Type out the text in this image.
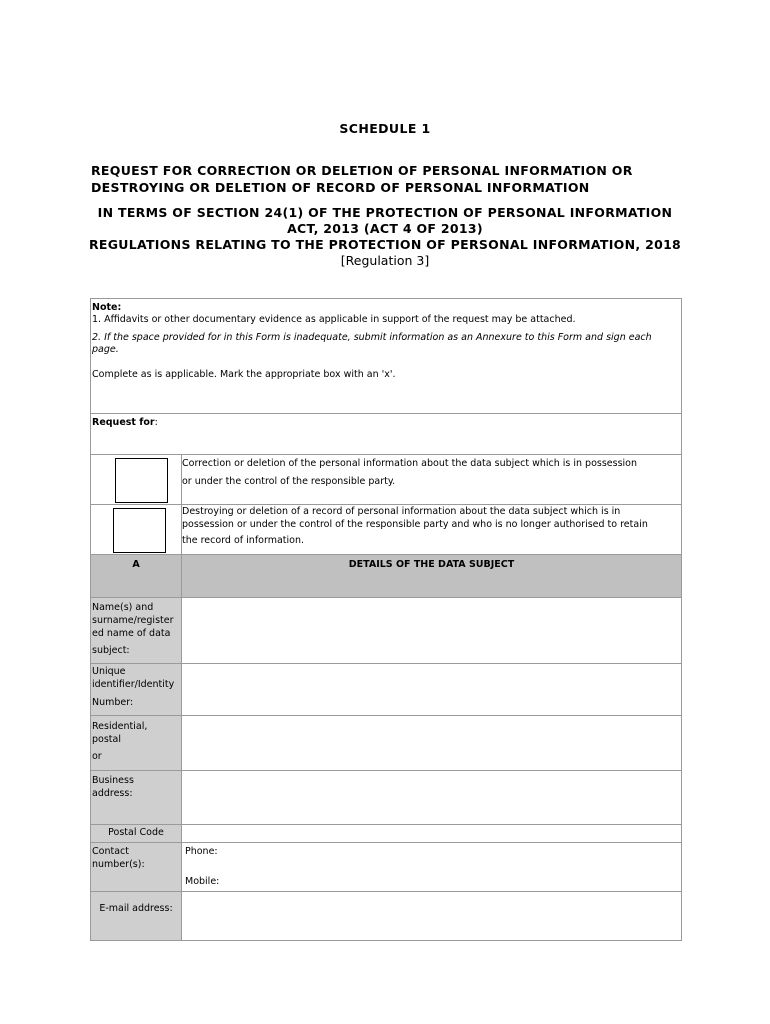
SCHEDULE 1
REQUEST FOR CORRECTION OR DELETION OF PERSONAL INFORMATION OR
DESTROYING OR DELETION OF RECORD OF PERSONAL INFORMATION
IN TERMS OF SECTION 24(1) OF THE PROTECTION OF PERSONAL INFORMATION
ACT, 2013 (ACT 4 OF 2013)
REGULATIONS RELATING TO THE PROTECTION OF PERSONAL INFORMATION, 2018
[Regulation 3]

Note:

1. Affidavits or other documentary evidence as applicable in support of the request may be attached.

2. If the space provided for in this Form is inadequate, submit information as an Annexure to this Form and sign each page.

Complete as is applicable. Mark the appropriate box with an 'x'.	

Request for:	

	Correction or deletion of the personal information about the data subject which is in possession
or under the control of the responsible party.

	Destroying or deletion of a record of personal information about the data subject which is in
possession or under the control of the responsible party and who is no longer authorised to retain
the record of information.

A	DETAILS OF THE DATA SUBJECT

Name(s) and
surname/register
ed name of data
subject:	

Unique
identifier/Identity
Number:	

Residential,
postal
or	

Business
address:	

Postal Code	

Contact
number(s):	Phone:
Mobile:

E-mail address:	
